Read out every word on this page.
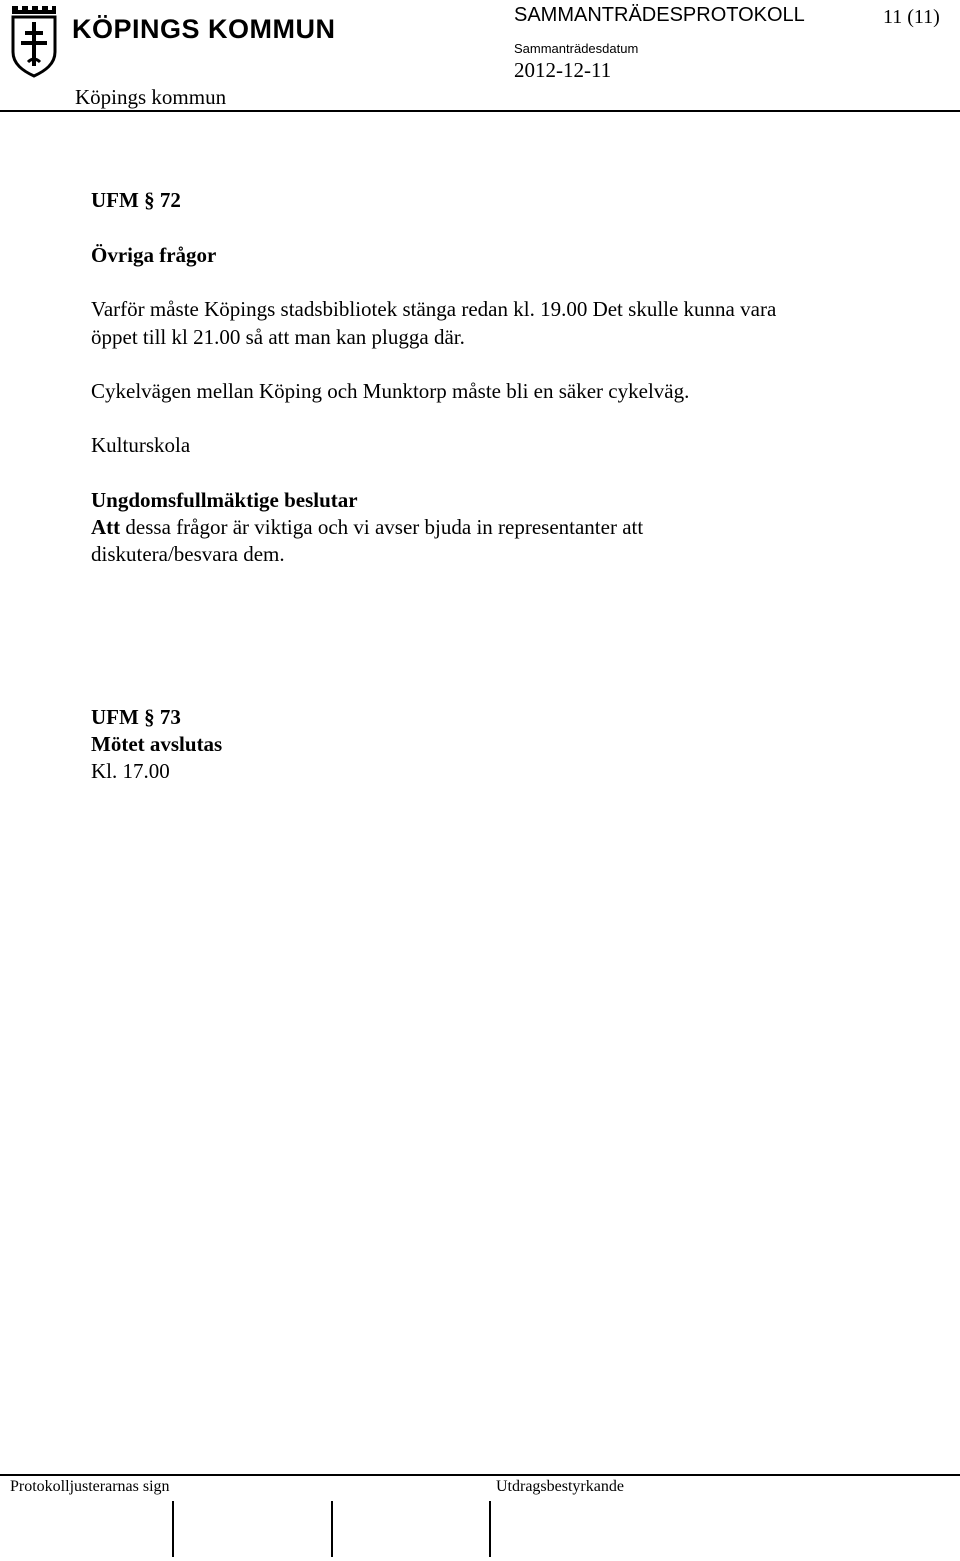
KÖPINGS KOMMUN
Köpings kommun
SAMMANTRÄDESPROTOKOLL	11 (11)
Sammanträdesdatum
2012-12-11
UFM § 72
Övriga frågor
Varför måste Köpings stadsbibliotek stänga redan kl. 19.00 Det skulle kunna vara
öppet till kl 21.00 så att man kan plugga där.
Cykelvägen mellan Köping och Munktorp måste bli en säker cykelväg.
Kulturskola
Ungdomsfullmäktige beslutar
Att dessa frågor är viktiga och vi avser bjuda in representanter att
diskutera/besvara dem.
UFM § 73
Mötet avslutas
Kl. 17.00
Protokolljusterarnas sign	Utdragsbestyrkande
